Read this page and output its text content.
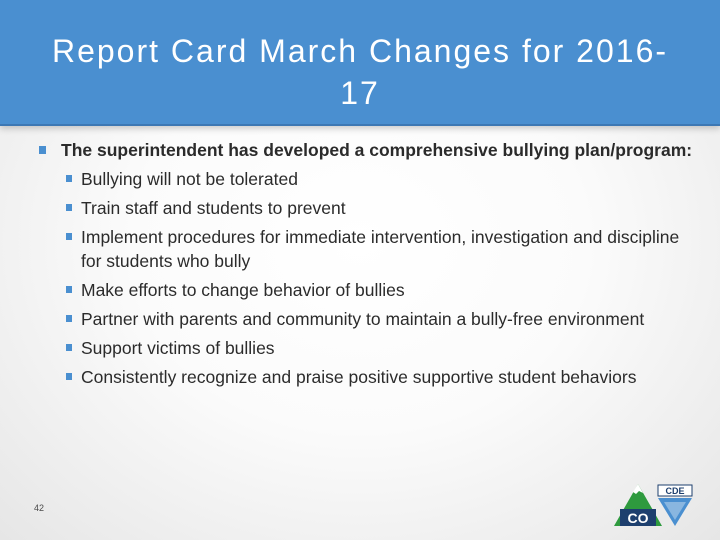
Report Card March Changes for 2016-17
The superintendent has developed a comprehensive bullying plan/program:
Bullying will not be tolerated
Train staff and students to prevent
Implement procedures for immediate intervention, investigation and discipline for students who bully
Make efforts to change behavior of bullies
Partner with parents and community to maintain a bully-free environment
Support victims of bullies
Consistently recognize and praise positive supportive student behaviors
42
CO
CDE
